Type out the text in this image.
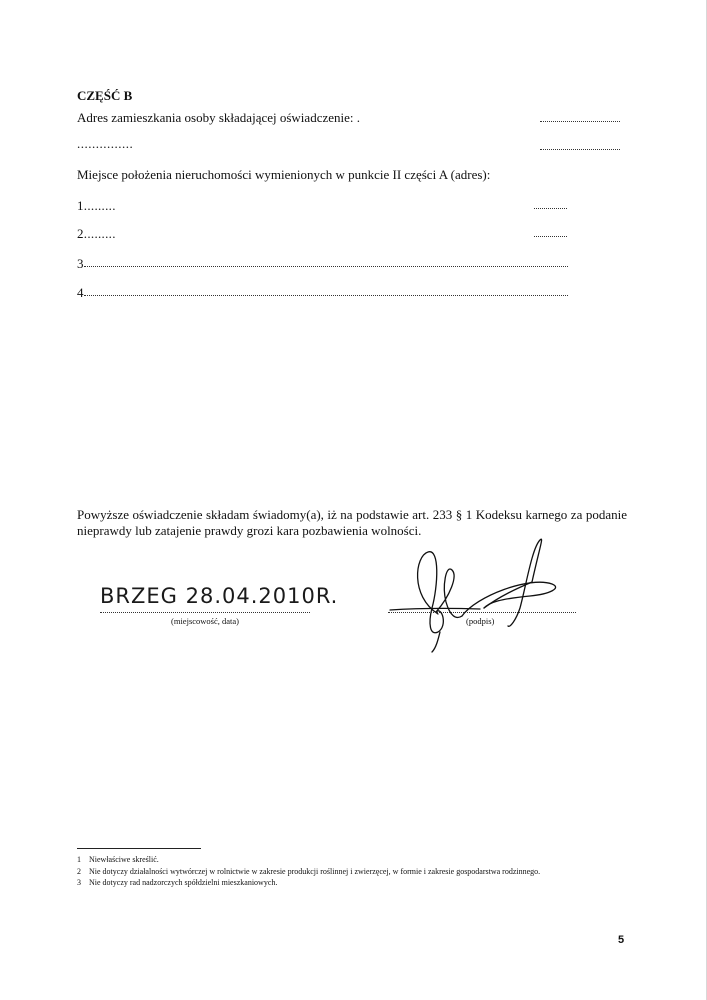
CZĘŚĆ B
Adres zamieszkania osoby składającej oświadczenie: .
...............
Miejsce położenia nieruchomości wymienionych w punkcie II części A (adres):
1.........
2.........
3
4
Powyższe oświadczenie składam świadomy(a), iż na podstawie art. 233 § 1 Kodeksu karnego za podanie nieprawdy lub zatajenie prawdy grozi kara pozbawienia wolności.
BRZEG 28.04.2010R.
(miejscowość, data)	(podpis)
1 Niewłaściwe skreślić.
2 Nie dotyczy działalności wytwórczej w rolnictwie w zakresie produkcji roślinnej i zwierzęcej, w formie i zakresie gospodarstwa rodzinnego.
3 Nie dotyczy rad nadzorczych spółdzielni mieszkaniowych.
5
